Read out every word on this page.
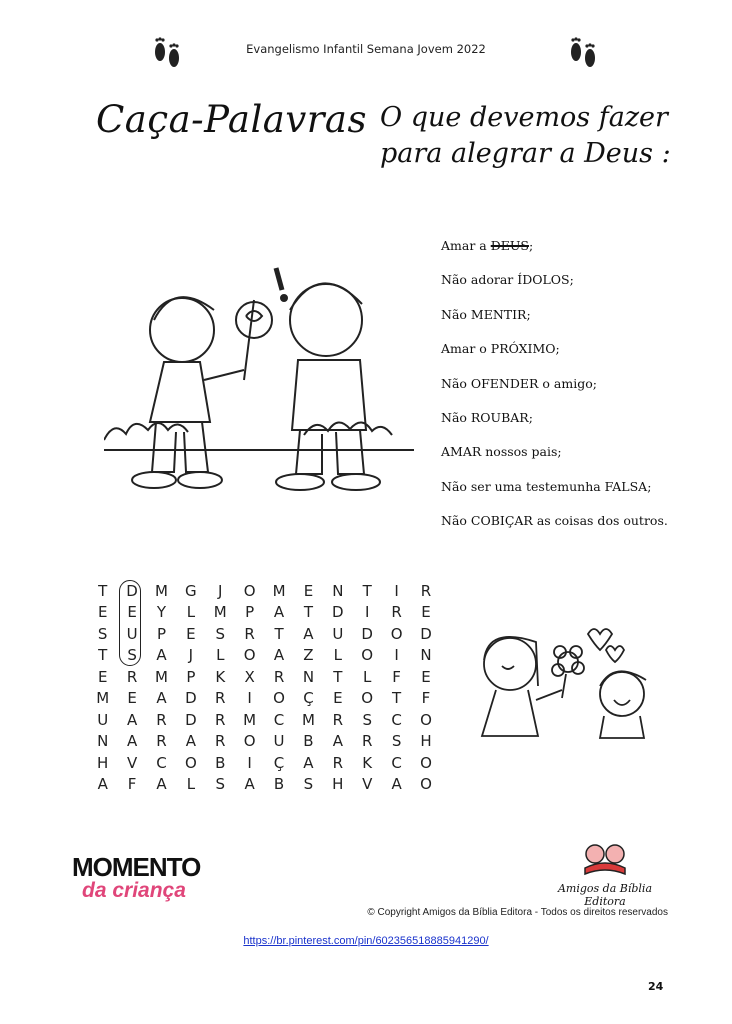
Evangelismo Infantil Semana Jovem 2022
Caça-Palavras O que devemos fazer
para alegrar a Deus :
Amar a DEUS;
Não adorar ÍDOLOS;
Não MENTIR;
Amar o PRÓXIMO;
Não OFENDER o amigo;
Não ROUBAR;
AMAR nossos pais;
Não ser uma testemunha FALSA;
Não COBIÇAR as coisas dos outros.
T	D	M	G	J	O	M	E	N	T	I	R
E	E	Y	L	M	P	A	T	D	I	R	E
S	U	P	E	S	R	T	A	U	D	O	D
T	S	A	J	L	O	A	Z	L	O	I	N
E	R	M	P	K	X	R	N	T	L	F	E
M	E	A	D	R	I	O	Ç	E	O	T	F
U	A	R	D	R	M	C	M	R	S	C	O
N	A	R	A	R	O	U	B	A	R	S	H
H	V	C	O	B	I	Ç	A	R	K	C	O
A	F	A	L	S	A	B	S	H	V	A	O
MOMENTO
da criança	Amigos da Bíblia Editora
© Copyright Amigos da Bíblia Editora - Todos os direitos reservados
https://br.pinterest.com/pin/602356518885941290/
24
